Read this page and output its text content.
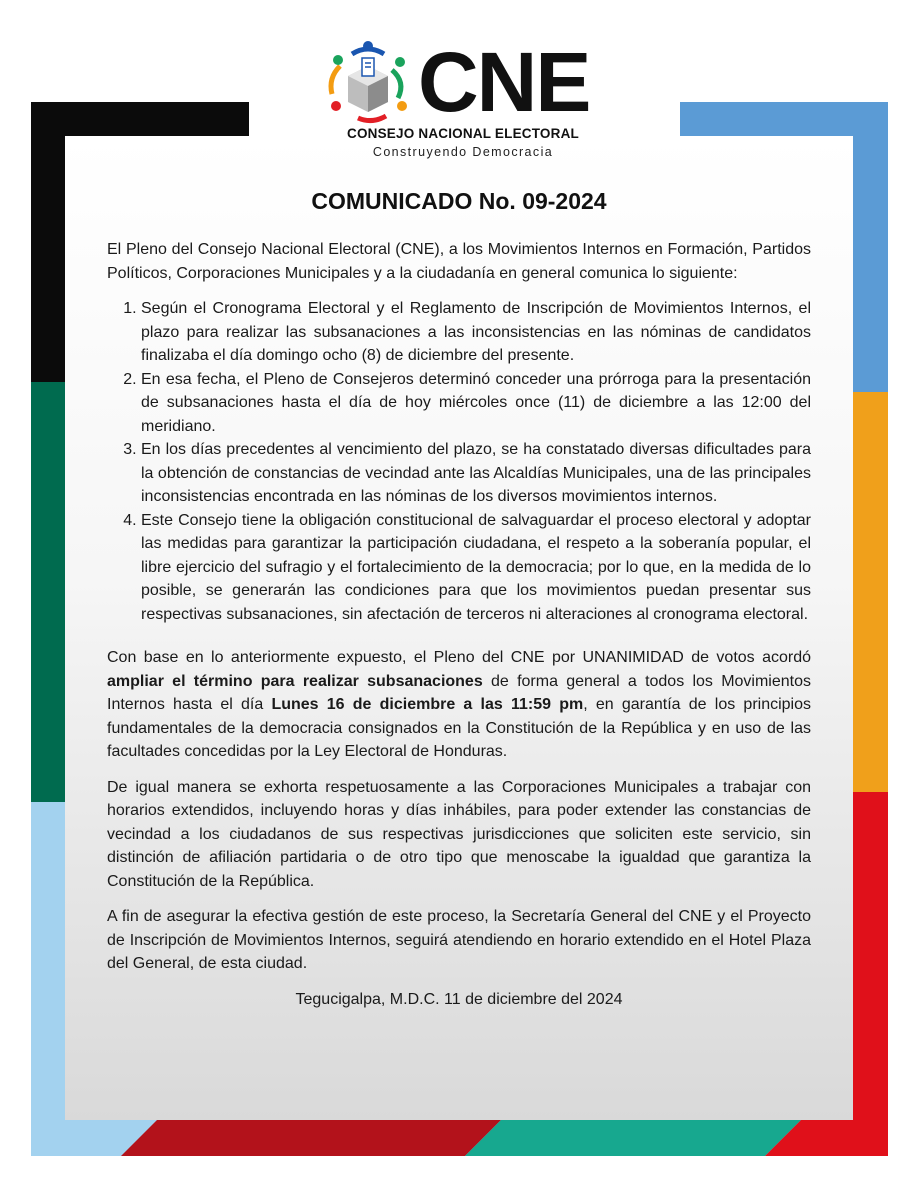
CNE
CONSEJO NACIONAL ELECTORAL
Construyendo Democracia
COMUNICADO No. 09-2024

El Pleno del Consejo Nacional Electoral (CNE), a los Movimientos Internos en Formación, Partidos Políticos, Corporaciones Municipales y a la ciudadanía en general comunica lo siguiente:

1. Según el Cronograma Electoral y el Reglamento de Inscripción de Movimientos Internos, el plazo para realizar las subsanaciones a las inconsistencias en las nóminas de candidatos finalizaba el día domingo ocho (8) de diciembre del presente.
2. En esa fecha, el Pleno de Consejeros determinó conceder una prórroga para la presentación de subsanaciones hasta el día de hoy miércoles once (11) de diciembre a las 12:00 del meridiano.
3. En los días precedentes al vencimiento del plazo, se ha constatado diversas dificultades para la obtención de constancias de vecindad ante las Alcaldías Municipales, una de las principales inconsistencias encontrada en las nóminas de los diversos movimientos internos.
4. Este Consejo tiene la obligación constitucional de salvaguardar el proceso electoral y adoptar las medidas para garantizar la participación ciudadana, el respeto a la soberanía popular, el libre ejercicio del sufragio y el fortalecimiento de la democracia; por lo que, en la medida de lo posible, se generarán las condiciones para que los movimientos puedan presentar sus respectivas subsanaciones, sin afectación de terceros ni alteraciones al cronograma electoral.

Con base en lo anteriormente expuesto, el Pleno del CNE por UNANIMIDAD de votos acordó ampliar el término para realizar subsanaciones de forma general a todos los Movimientos Internos hasta el día Lunes 16 de diciembre a las 11:59 pm, en garantía de los principios fundamentales de la democracia consignados en la Constitución de la República y en uso de las facultades concedidas por la Ley Electoral de Honduras.

De igual manera se exhorta respetuosamente a las Corporaciones Municipales a trabajar con horarios extendidos, incluyendo horas y días inhábiles, para poder extender las constancias de vecindad a los ciudadanos de sus respectivas jurisdicciones que soliciten este servicio, sin distinción de afiliación partidaria o de otro tipo que menoscabe la igualdad que garantiza la Constitución de la República.

A fin de asegurar la efectiva gestión de este proceso, la Secretaría General del CNE y el Proyecto de Inscripción de Movimientos Internos, seguirá atendiendo en horario extendido en el Hotel Plaza del General, de esta ciudad.

Tegucigalpa, M.D.C. 11 de diciembre del 2024
